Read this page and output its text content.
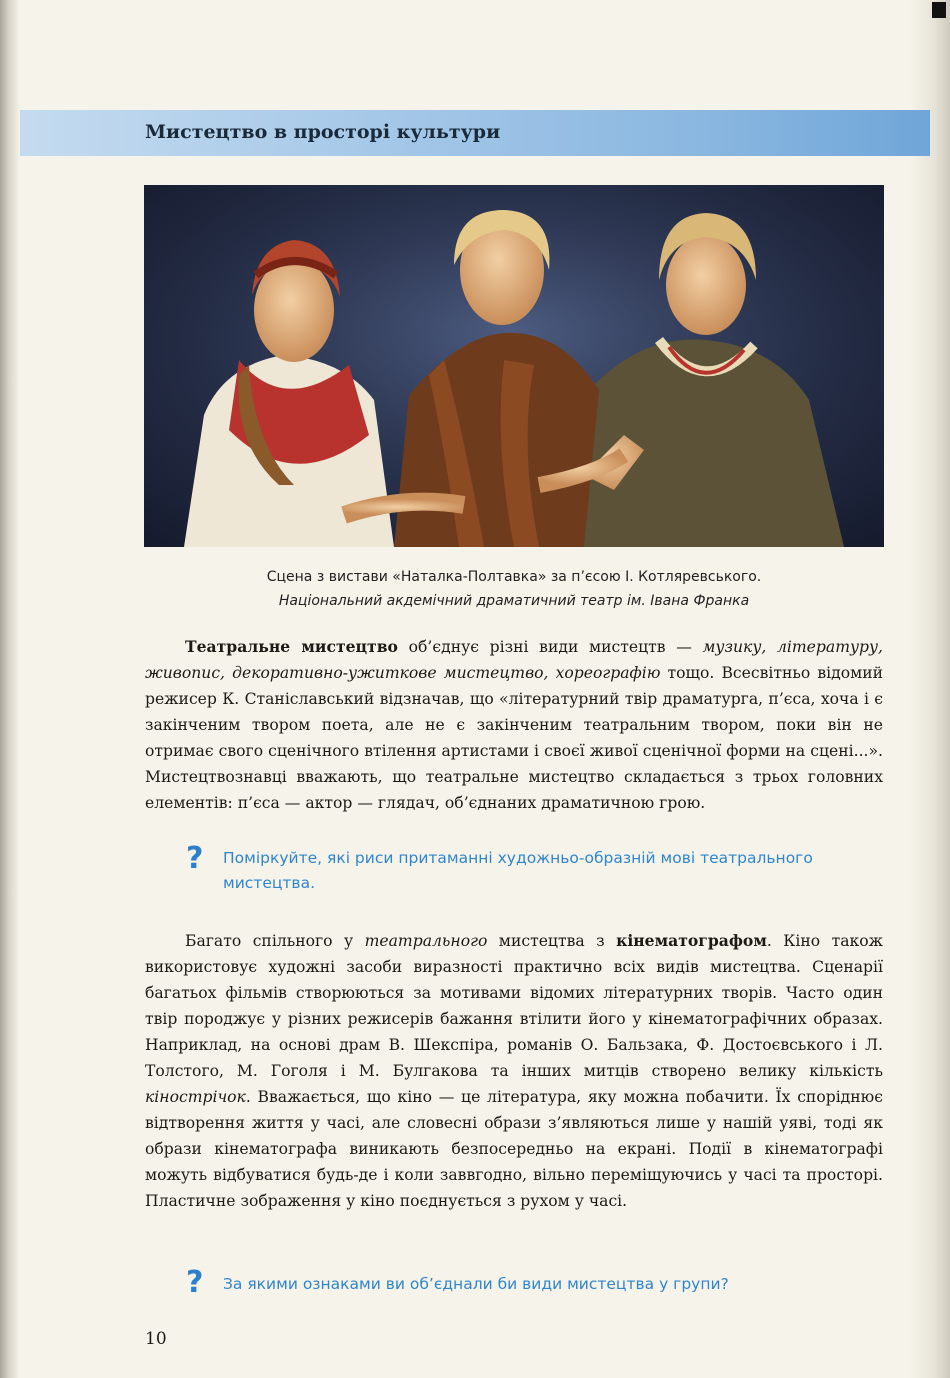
Мистецтво в просторі культури
Сцена з вистави «Наталка-Полтавка» за п’єсою І. Котляревського.
Національний акдемічний драматичний театр ім. Івана Франка

Театральне мистецтво об’єднує різні види мистецтв — музику, літературу, живопис, декоративно-ужиткове мистецтво, хореографію тощо. Всесвітньо відомий режисер К. Станіславський відзначав, що «літературний твір драматурга, п’єса, хоча і є закінченим твором поета, але не є закінченим театральним твором, поки він не отримає свого сценічного втілення артистами і своєї живої сценічної форми на сцені...». Мистецтвознавці вважають, що театральне мистецтво складається з трьох головних елементів: п’єса — актор — глядач, об’єднаних драматичною грою.

? Поміркуйте, які риси притаманні художньо-образній мові театрального мистецтва.

Багато спільного у театрального мистецтва з кінематографом. Кіно також використовує художні засоби виразності практично всіх видів мистецтва. Сценарії багатьох фільмів створюються за мотивами відомих літературних творів. Часто один твір породжує у різних режисерів бажання втілити його у кінематографічних образах. Наприклад, на основі драм В. Шекспіра, романів О. Бальзака, Ф. Достоєвського і Л. Толстого, М. Гоголя і М. Булгакова та інших митців створено велику кількість кінострічок. Вважається, що кіно — це література, яку можна побачити. Їх споріднює відтворення життя у часі, але словесні образи з’являються лише у нашій уяві, тоді як образи кінематографа виникають безпосередньо на екрані. Події в кінематографі можуть відбуватися будь-де і коли заввгодно, вільно переміщуючись у часі та просторі. Пластичне зображення у кіно поєднується з рухом у часі.

? За якими ознаками ви об’єднали би види мистецтва у групи?
10
